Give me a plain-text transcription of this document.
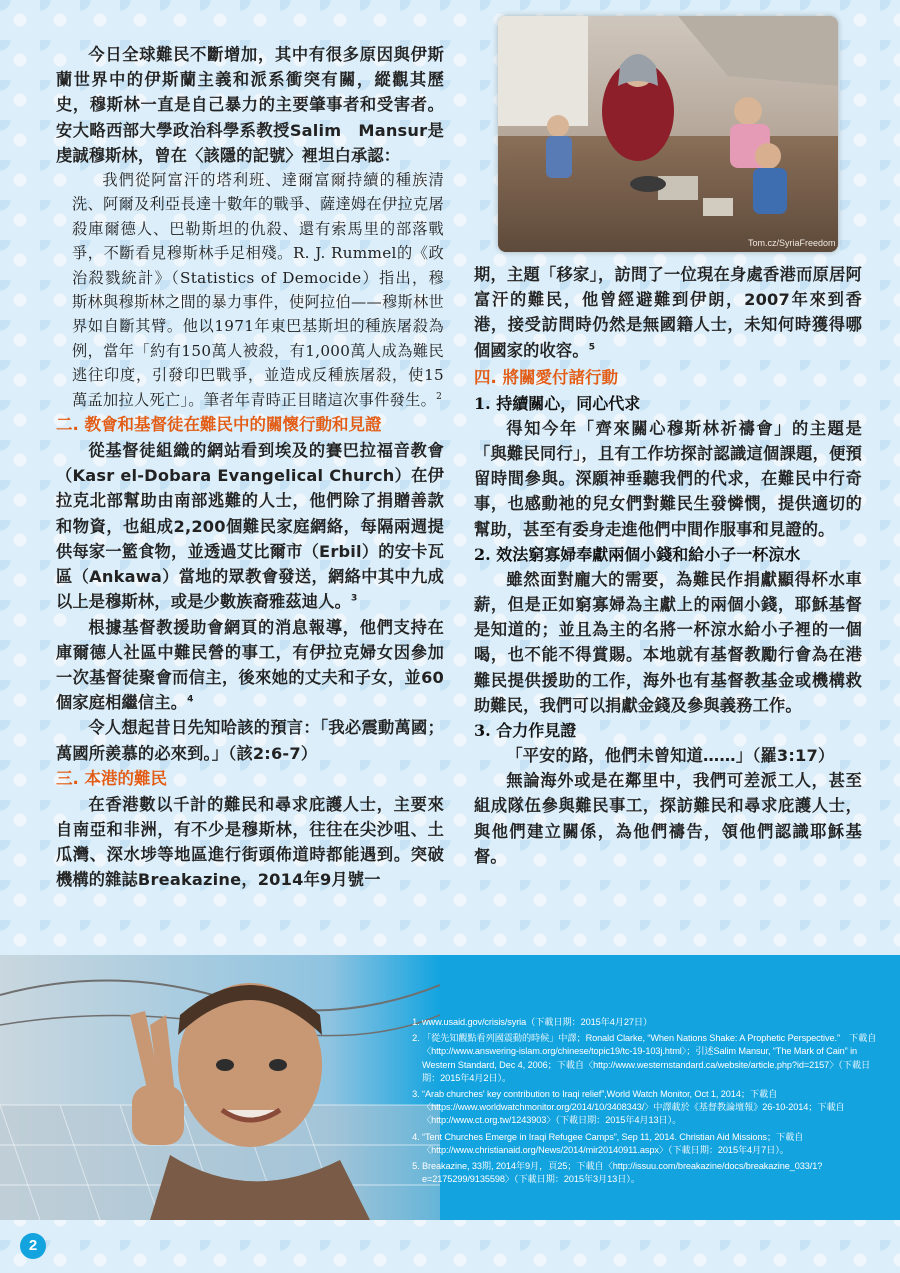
Tom.cz/SyriaFreedom

今日全球難民不斷增加，其中有很多原因與伊斯蘭世界中的伊斯蘭主義和派系衝突有關，縱觀其歷史，穆斯林一直是自己暴力的主要肇事者和受害者。安大略西部大學政治科學系教授Salim　Mansur是虔誠穆斯林，曾在〈該隱的記號〉裡坦白承認：

我們從阿富汗的塔利班、達爾富爾持續的種族清洗、阿爾及利亞長達十數年的戰爭、薩達姆在伊拉克屠殺庫爾德人、巴勒斯坦的仇殺、還有索馬里的部落戰爭，不斷看見穆斯林手足相殘。R. J. Rummel的《政治殺戮統計》（Statistics of Democide）指出，穆斯林與穆斯林之間的暴力事件，使阿拉伯——穆斯林世界如自斷其臂。他以1971年東巴基斯坦的種族屠殺為例，當年「約有150萬人被殺，有1,000萬人成為難民逃往印度，引發印巴戰爭，並造成反種族屠殺，使15萬孟加拉人死亡」。筆者年青時正目睹這次事件發生。$^2$

二. 教會和基督徒在難民中的關懷行動和見證

從基督徒組織的網站看到埃及的賽巴拉福音教會（Kasr el-Dobara Evangelical Church）在伊拉克北部幫助由南部逃難的人士，他們除了捐贈善款和物資，也組成2,200個難民家庭網絡，每隔兩週提供每家一籃食物，並透過艾比爾市（Erbil）的安卡瓦區（Ankawa）當地的眾教會發送，網絡中其中九成以上是穆斯林，或是少數族裔雅茲迪人。$^3$

根據基督教援助會網頁的消息報導，他們支持在庫爾德人社區中難民營的事工，有伊拉克婦女因參加一次基督徒聚會而信主，後來她的丈夫和子女，並60個家庭相繼信主。$^4$

令人想起昔日先知哈該的預言：「我必震動萬國；萬國所羨慕的必來到。」（該2:6-7）

三. 本港的難民

在香港數以千計的難民和尋求庇護人士，主要來自南亞和非洲，有不少是穆斯林，往往在尖沙咀、土瓜灣、深水埗等地區進行街頭佈道時都能遇到。突破機構的雜誌Breakazine，2014年9月號一

期，主題「移家」，訪問了一位現在身處香港而原居阿富汗的難民，他曾經避難到伊朗，2007年來到香港，接受訪問時仍然是無國籍人士，未知何時獲得哪個國家的收容。$^5$

四. 將關愛付諸行動

1. 持續關心，同心代求

得知今年「齊來關心穆斯林祈禱會」的主題是「與難民同行」，且有工作坊探討認識這個課題，便預留時間參與。深願神垂聽我們的代求，在難民中行奇事，也感動祂的兒女們對難民生發憐憫，提供適切的幫助，甚至有委身走進他們中間作服事和見證的。

2. 效法窮寡婦奉獻兩個小錢和給小子一杯涼水

雖然面對龐大的需要，為難民作捐獻顯得杯水車薪，但是正如窮寡婦為主獻上的兩個小錢，耶穌基督是知道的；並且為主的名將一杯涼水給小子裡的一個喝，也不能不得賞賜。本地就有基督教勵行會為在港難民提供援助的工作，海外也有基督教基金或機構救助難民，我們可以捐獻金錢及參與義務工作。

3. 合力作見證

「平安的路，他們未曾知道……」（羅3:17）

無論海外或是在鄰里中，我們可差派工人，甚至組成隊伍參與難民事工，探訪難民和尋求庇護人士，與他們建立關係，為他們禱告，領他們認識耶穌基督。

1. www.usaid.gov/crisis/syria（下載日期：2015年4月27日）
2. 「從先知觀點看列國震動的時候」中譯；Ronald Clarke, “When Nations Shake: A Prophetic Perspective.”　下載自〈http://www.answering-islam.org/chinese/topic19/tc-19-103j.html〉；引述Salim Mansur, “The Mark of Cain” in Western Standard, Dec 4, 2006；下載自〈http://www.westernstandard.ca/website/article.php?id=2157〉（下載日期：2015年4月2日）。
3. “Arab churches' key contribution to Iraqi relief”,World Watch Monitor, Oct 1, 2014；下載自〈https://www.worldwatchmonitor.org/2014/10/3408343/〉中譯載於《基督教論壇報》26-10-2014；下載自〈http://www.ct.org.tw/1243903〉（下載日期：2015年4月13日）。
4. “Tent Churches Emerge in Iraqi Refugee Camps”, Sep 11, 2014. Christian Aid Missions；下載自〈http://www.christianaid.org/News/2014/mir20140911.aspx〉（下載日期：2015年4月7日）。
5. Breakazine, 33期, 2014年9月，頁25；下載自〈http://issuu.com/breakazine/docs/breakazine_033/1?e=2175299/9135598〉（下載日期：2015年3月13日）。
2
